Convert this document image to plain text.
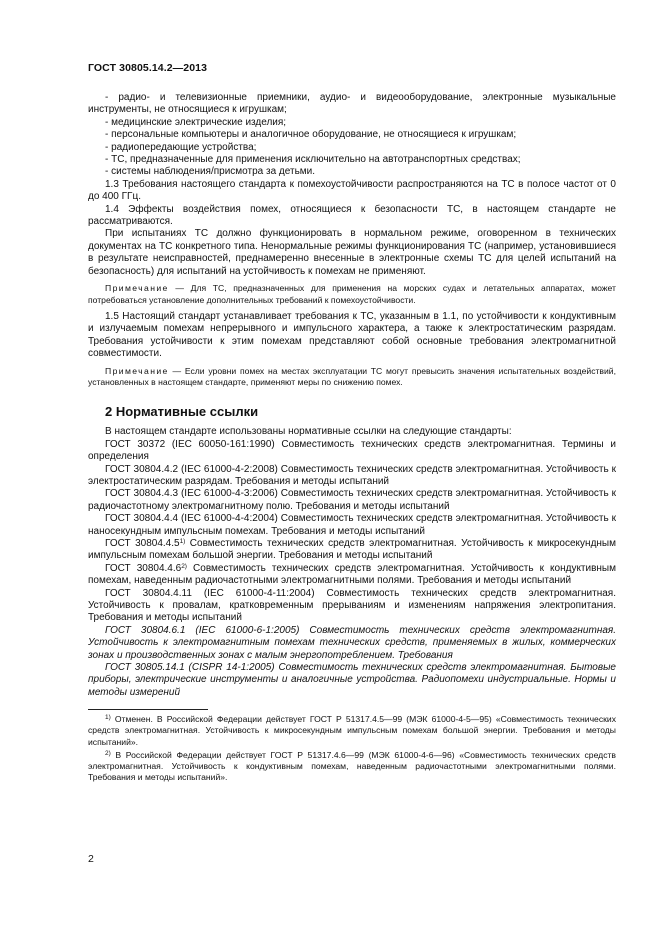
ГОСТ 30805.14.2—2013

- радио- и телевизионные приемники, аудио- и видеооборудование, электронные музыкальные инструменты, не относящиеся к игрушкам;

- медицинские электрические изделия;

- персональные компьютеры и аналогичное оборудование, не относящиеся к игрушкам;

- радиопередающие устройства;

- ТС, предназначенные для применения исключительно на автотранспортных средствах;

- системы наблюдения/присмотра за детьми.

1.3 Требования настоящего стандарта к помехоустойчивости распространяются на ТС в полосе частот от 0 до 400 ГГц.

1.4 Эффекты воздействия помех, относящиеся к безопасности ТС, в настоящем стандарте не рассматриваются.

При испытаниях ТС должно функционировать в нормальном режиме, оговоренном в технических документах на ТС конкретного типа. Ненормальные режимы функционирования ТС (например, установившиеся в результате неисправностей, преднамеренно внесенные в электронные схемы ТС для целей испытаний на безопасность) для испытаний на устойчивость к помехам не применяют.

Примечание — Для ТС, предназначенных для применения на морских судах и летательных аппаратах, может потребоваться установление дополнительных требований к помехоустойчивости.

1.5 Настоящий стандарт устанавливает требования к ТС, указанным в 1.1, по устойчивости к кондуктивным и излучаемым помехам непрерывного и импульсного характера, а также к электростатическим разрядам. Требования устойчивости к этим помехам представляют собой основные требования электромагнитной совместимости.

Примечание — Если уровни помех на местах эксплуатации ТС могут превысить значения испытательных воздействий, установленных в настоящем стандарте, применяют меры по снижению помех.

2 Нормативные ссылки

В настоящем стандарте использованы нормативные ссылки на следующие стандарты:

ГОСТ 30372 (IEC 60050-161:1990) Совместимость технических средств электромагнитная. Термины и определения

ГОСТ 30804.4.2 (IEC 61000-4-2:2008) Совместимость технических средств электромагнитная. Устойчивость к электростатическим разрядам. Требования и методы испытаний

ГОСТ 30804.4.3 (IEC 61000-4-3:2006) Совместимость технических средств электромагнитная. Устойчивость к радиочастотному электромагнитному полю. Требования и методы испытаний

ГОСТ 30804.4.4 (IEC 61000-4-4:2004) Совместимость технических средств электромагнитная. Устойчивость к наносекундным импульсным помехам. Требования и методы испытаний

ГОСТ 30804.4.5$^{1)}$ Совместимость технических средств электромагнитная. Устойчивость к микросекундным импульсным помехам большой энергии. Требования и методы испытаний

ГОСТ 30804.4.6$^{2)}$ Совместимость технических средств электромагнитная. Устойчивость к кондуктивным помехам, наведенным радиочастотными электромагнитными полями. Требования и методы испытаний

ГОСТ 30804.4.11 (IEC 61000-4-11:2004) Совместимость технических средств электромагнитная. Устойчивость к провалам, кратковременным прерываниям и изменениям напряжения электропитания. Требования и методы испытаний

ГОСТ 30804.6.1 (IEC 61000-6-1:2005) Совместимость технических средств электромагнитная. Устойчивость к электромагнитным помехам технических средств, применяемых в жилых, коммерческих зонах и производственных зонах с малым энергопотреблением. Требования

ГОСТ 30805.14.1 (CISPR 14-1:2005) Совместимость технических средств электромагнитная. Бытовые приборы, электрические инструменты и аналогичные устройства. Радиопомехи индустриальные. Нормы и методы измерений

$^{1)}$ Отменен. В Российской Федерации действует ГОСТ Р 51317.4.5—99 (МЭК 61000-4-5—95) «Совместимость технических средств электромагнитная. Устойчивость к микросекундным импульсным помехам большой энергии. Требования и методы испытаний».

$^{2)}$ В Российской Федерации действует ГОСТ Р 51317.4.6—99 (МЭК 61000-4-6—96) «Совместимость технических средств электромагнитная. Устойчивость к кондуктивным помехам, наведенным радиочастотными электромагнитными полями. Требования и методы испытаний».

2
